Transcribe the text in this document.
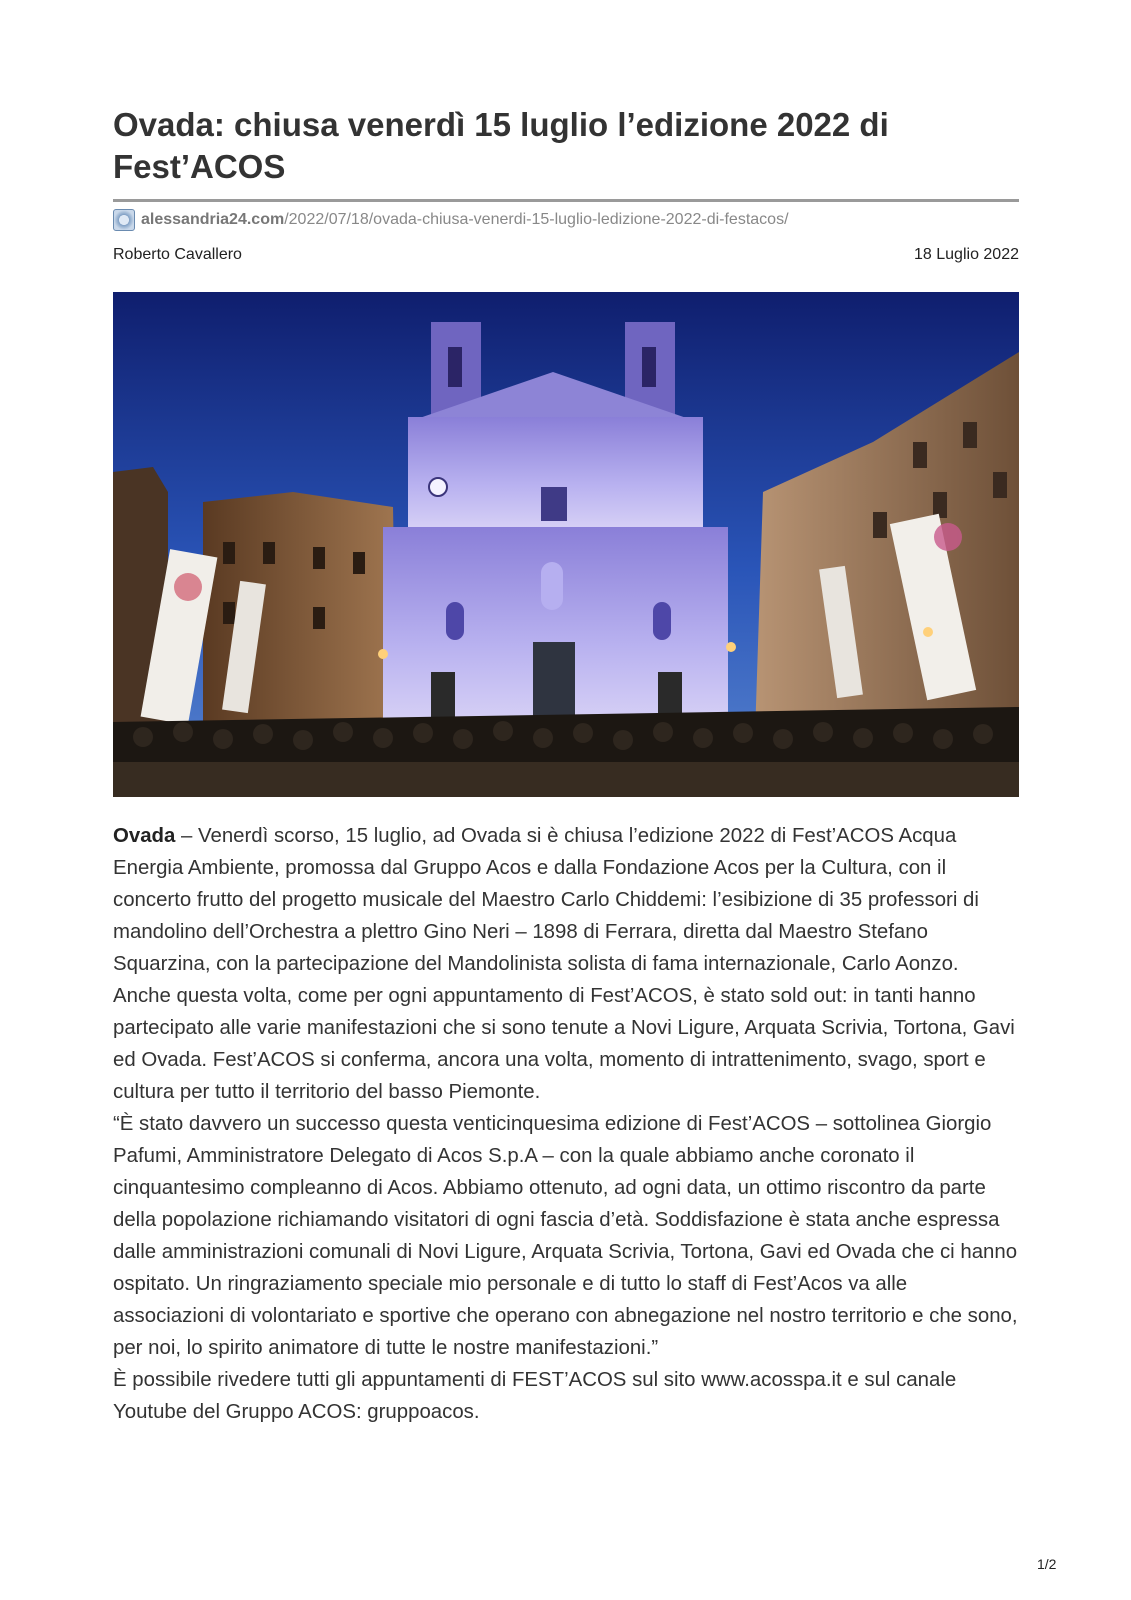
Ovada: chiusa venerdì 15 luglio l’edizione 2022 di Fest’ACOS
alessandria24.com /2022/07/18/ovada-chiusa-venerdi-15-luglio-ledizione-2022-di-festacos/
Roberto Cavallero	18 Luglio 2022

Ovada – Venerdì scorso, 15 luglio, ad Ovada si è chiusa l’edizione 2022 di Fest’ACOS Acqua Energia Ambiente, promossa dal Gruppo Acos e dalla Fondazione Acos per la Cultura, con il concerto frutto del progetto musicale del Maestro Carlo Chiddemi: l’esibizione di 35 professori di mandolino dell’Orchestra a plettro Gino Neri – 1898 di Ferrara, diretta dal Maestro Stefano Squarzina, con la partecipazione del Mandolinista solista di fama internazionale, Carlo Aonzo.

Anche questa volta, come per ogni appuntamento di Fest’ACOS, è stato sold out: in tanti hanno partecipato alle varie manifestazioni che si sono tenute a Novi Ligure, Arquata Scrivia, Tortona, Gavi ed Ovada. Fest’ACOS si conferma, ancora una volta, momento di intrattenimento, svago, sport e cultura per tutto il territorio del basso Piemonte.

“È stato davvero un successo questa venticinquesima edizione di Fest’ACOS – sottolinea Giorgio Pafumi, Amministratore Delegato di Acos S.p.A – con la quale abbiamo anche coronato il cinquantesimo compleanno di Acos. Abbiamo ottenuto, ad ogni data, un ottimo riscontro da parte della popolazione richiamando visitatori di ogni fascia d’età. Soddisfazione è stata anche espressa dalle amministrazioni comunali di Novi Ligure, Arquata Scrivia, Tortona, Gavi ed Ovada che ci hanno ospitato. Un ringraziamento speciale mio personale e di tutto lo staff di Fest’Acos va alle associazioni di volontariato e sportive che operano con abnegazione nel nostro territorio e che sono, per noi, lo spirito animatore di tutte le nostre manifestazioni.”

È possibile rivedere tutti gli appuntamenti di FEST’ACOS sul sito www.acosspa.it e sul canale Youtube del Gruppo ACOS: gruppoacos.

1/2
